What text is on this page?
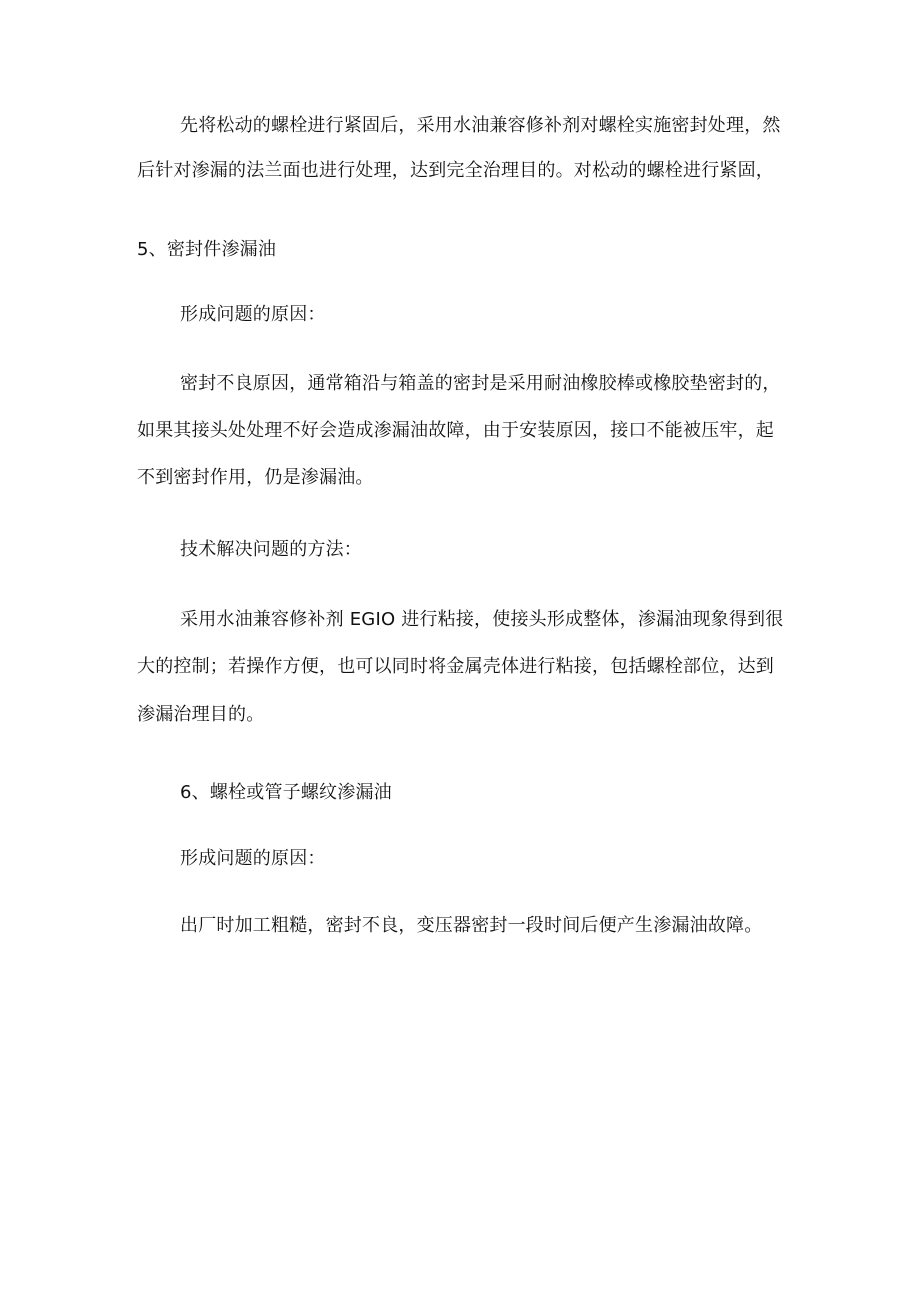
先将松动的螺栓进行紧固后，采用水油兼容修补剂对螺栓实施密封处理，然
后针对渗漏的法兰面也进行处理，达到完全治理目的。对松动的螺栓进行紧固，
5、密封件渗漏油
形成问题的原因：
密封不良原因，通常箱沿与箱盖的密封是采用耐油橡胶棒或橡胶垫密封的，
如果其接头处处理不好会造成渗漏油故障，由于安装原因，接口不能被压牢，起
不到密封作用，仍是渗漏油。
技术解决问题的方法：
采用水油兼容修补剂 EGIO 进行粘接，使接头形成整体，渗漏油现象得到很
大的控制；若操作方便，也可以同时将金属壳体进行粘接，包括螺栓部位，达到
渗漏治理目的。
6、螺栓或管子螺纹渗漏油
形成问题的原因：
出厂时加工粗糙，密封不良，变压器密封一段时间后便产生渗漏油故障。
